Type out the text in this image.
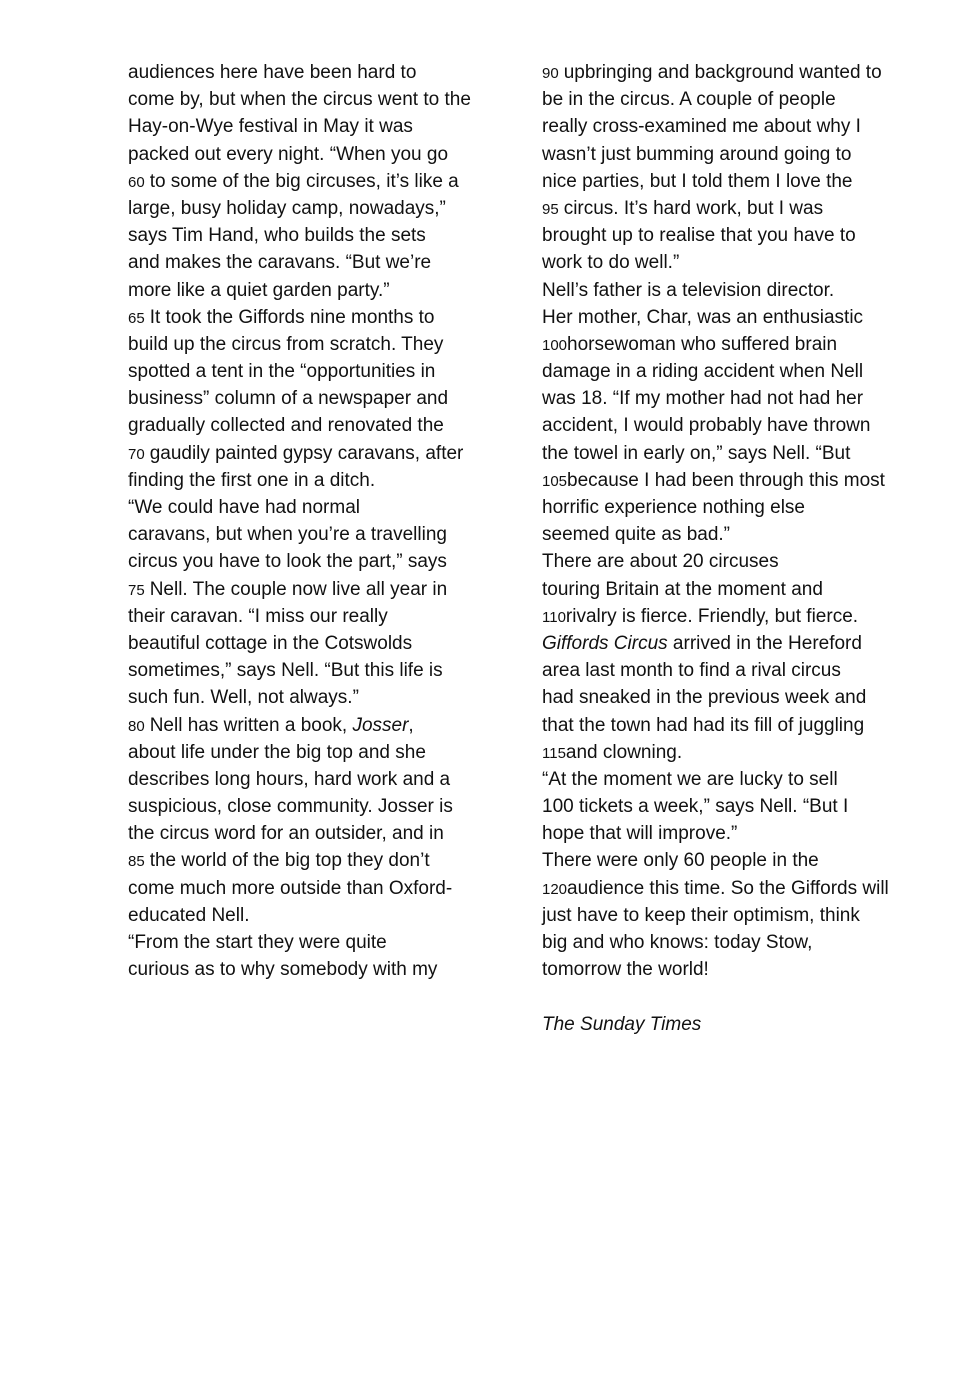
audiences here have been hard to
come by, but when the circus went to the
Hay-on-Wye festival in May it was
packed out every night. “When you go
60 to some of the big circuses, it’s like a
large, busy holiday camp, nowadays,”
says Tim Hand, who builds the sets
and makes the caravans. “But we’re
more like a quiet garden party.”
65 It took the Giffords nine months to
build up the circus from scratch. They
spotted a tent in the “opportunities in
business” column of a newspaper and
gradually collected and renovated the
70 gaudily painted gypsy caravans, after
finding the first one in a ditch.
“We could have had normal
caravans, but when you’re a travelling
circus you have to look the part,” says
75 Nell. The couple now live all year in
their caravan. “I miss our really
beautiful cottage in the Cotswolds
sometimes,” says Nell. “But this life is
such fun. Well, not always.”
80 Nell has written a book, Josser,
about life under the big top and she
describes long hours, hard work and a
suspicious, close community. Josser is
the circus word for an outsider, and in
85 the world of the big top they don’t
come much more outside than Oxford-
educated Nell.
“From the start they were quite
curious as to why somebody with my
90 upbringing and background wanted to
be in the circus. A couple of people
really cross-examined me about why I
wasn’t just bumming around going to
nice parties, but I told them I love the
95 circus. It’s hard work, but I was
brought up to realise that you have to
work to do well.”
Nell’s father is a television director.
Her mother, Char, was an enthusiastic
100horsewoman who suffered brain
damage in a riding accident when Nell
was 18. “If my mother had not had her
accident, I would probably have thrown
the towel in early on,” says Nell. “But
105because I had been through this most
horrific experience nothing else
seemed quite as bad.”
There are about 20 circuses
touring Britain at the moment and
110rivalry is fierce. Friendly, but fierce.
Giffords Circus arrived in the Hereford
area last month to find a rival circus
had sneaked in the previous week and
that the town had had its fill of juggling
115and clowning.
“At the moment we are lucky to sell
100 tickets a week,” says Nell. “But I
hope that will improve.”
There were only 60 people in the
120audience this time. So the Giffords will
just have to keep their optimism, think
big and who knows: today Stow,
tomorrow the world!
The Sunday Times
